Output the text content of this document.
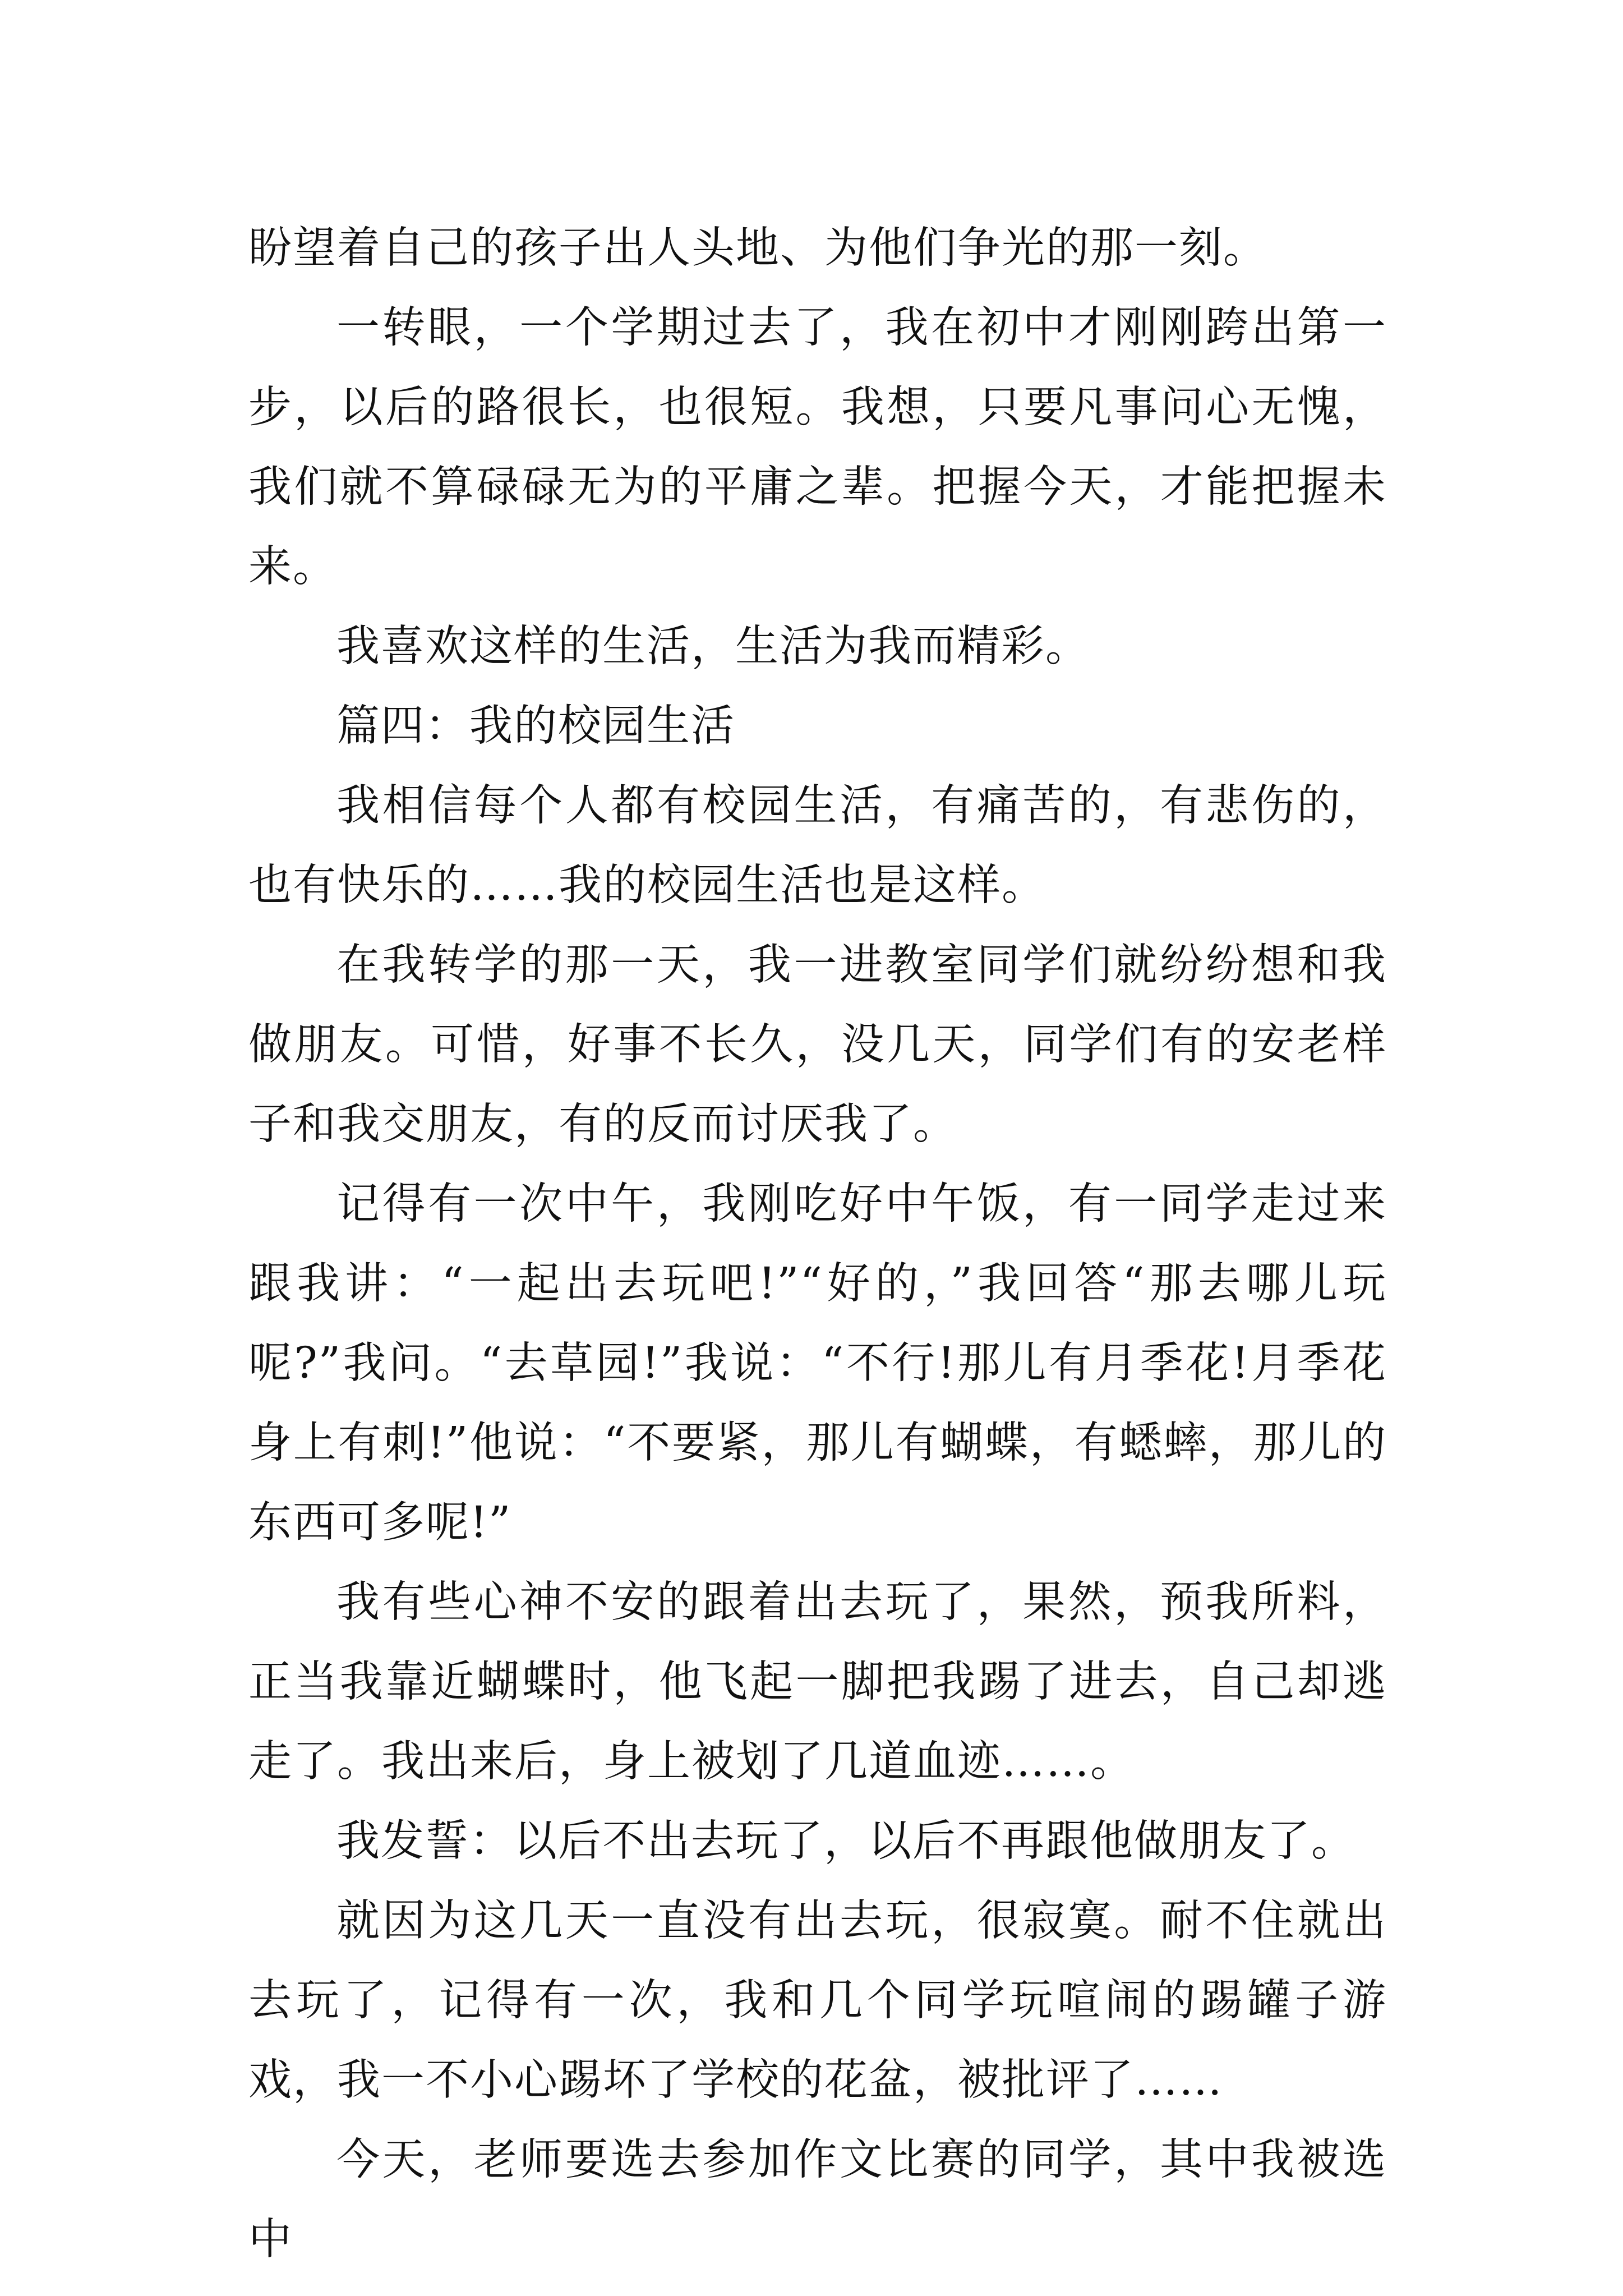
盼望着自己的孩子出人头地、为他们争光的那一刻。

一转眼，一个学期过去了，我在初中才刚刚跨出第一步，以后的路很长，也很短。我想，只要凡事问心无愧，我们就不算碌碌无为的平庸之辈。把握今天，才能把握未来。

我喜欢这样的生活，生活为我而精彩。

篇四：我的校园生活

我相信每个人都有校园生活，有痛苦的，有悲伤的，也有快乐的……我的校园生活也是这样。

在我转学的那一天，我一进教室同学们就纷纷想和我做朋友。可惜，好事不长久，没几天，同学们有的安老样子和我交朋友，有的反而讨厌我了。

记得有一次中午，我刚吃好中午饭，有一同学走过来跟我讲：“一起出去玩吧!”“好的，”我回答“那去哪儿玩呢?”我问。“去草园!”我说：“不行!那儿有月季花!月季花身上有刺!”他说：“不要紧，那儿有蝴蝶，有蟋蟀，那儿的东西可多呢!”

我有些心神不安的跟着出去玩了，果然，预我所料，正当我靠近蝴蝶时，他飞起一脚把我踢了进去，自己却逃走了。我出来后，身上被划了几道血迹……。

我发誓：以后不出去玩了，以后不再跟他做朋友了。

就因为这几天一直没有出去玩，很寂寞。耐不住就出去玩了，记得有一次，我和几个同学玩喧闹的踢罐子游戏，我一不小心踢坏了学校的花盆，被批评了……

今天，老师要选去参加作文比赛的同学，其中我被选中
